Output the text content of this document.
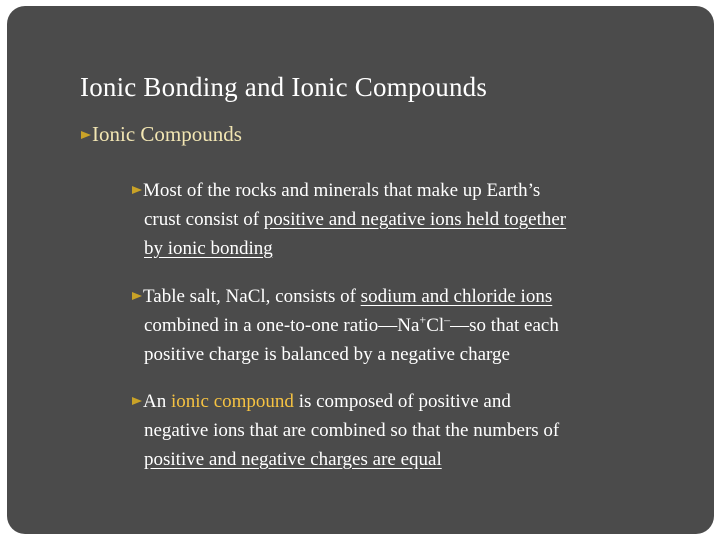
Ionic Bonding and Ionic Compounds
Ionic Compounds
Most of the rocks and minerals that make up Earth’s
crust consist of positive and negative ions held together
by ionic bonding
Table salt, NaCl, consists of sodium and chloride ions
combined in a one-to-one ratio—Na+Cl–—so that each
positive charge is balanced by a negative charge
An ionic compound is composed of positive and
negative ions that are combined so that the numbers of
positive and negative charges are equal
